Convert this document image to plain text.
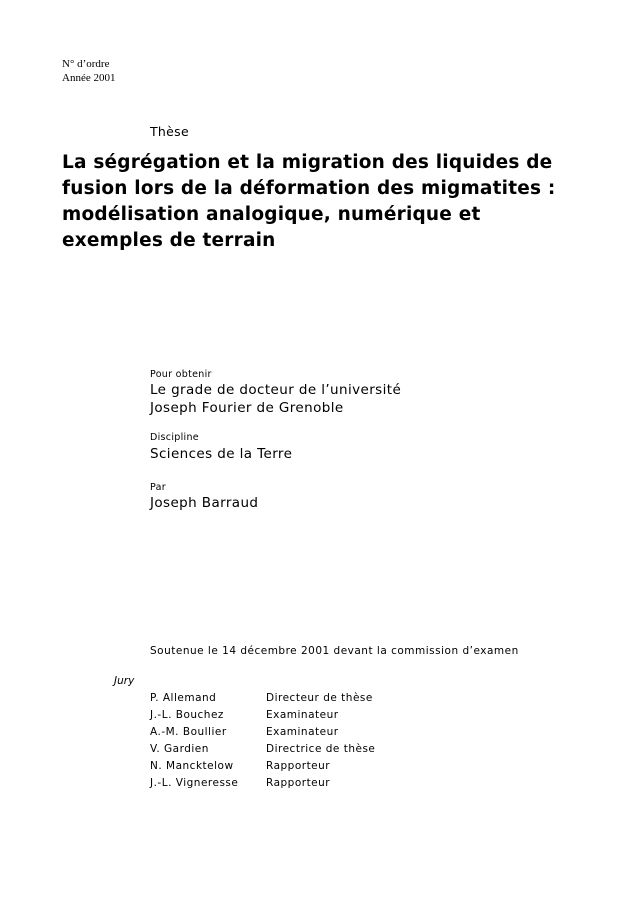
N° d’ordre
Année 2001
Thèse
La ségrégation et la migration des liquides de
fusion lors de la déformation des migmatites :
modélisation analogique, numérique et
exemples de terrain
Pour obtenir
Le grade de docteur de l’université
Joseph Fourier de Grenoble
Discipline
Sciences de la Terre
Par
Joseph Barraud
Soutenue le 14 décembre 2001 devant la commission d’examen
Jury
P. Allemand	Directeur de thèse
J.-L. Bouchez	Examinateur
A.-M. Boullier	Examinateur
V. Gardien	Directrice de thèse
N. Mancktelow	Rapporteur
J.-L. Vigneresse	Rapporteur
